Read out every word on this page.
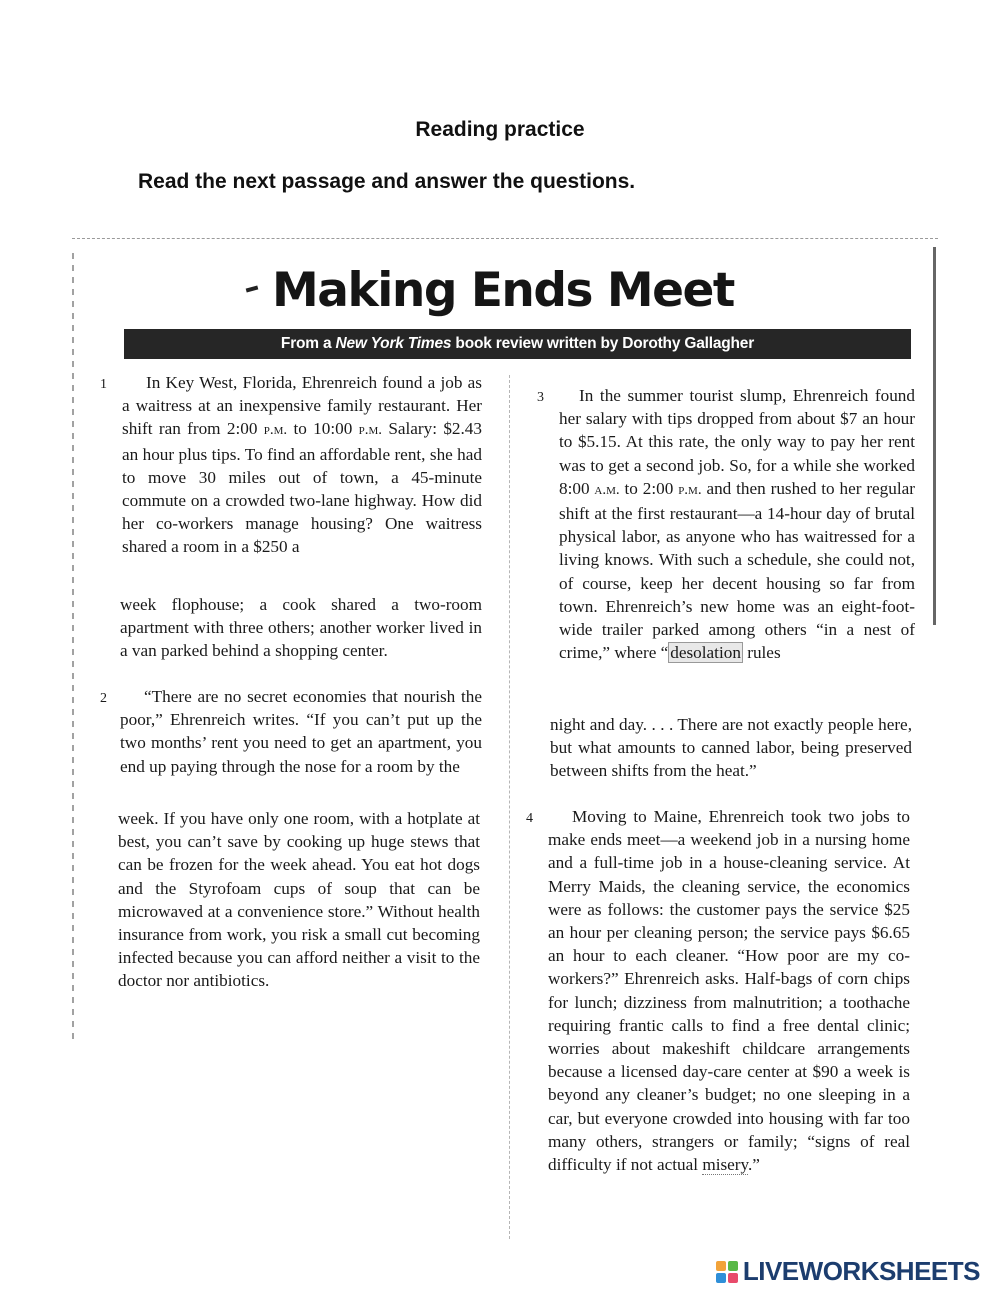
Reading practice
Read the next passage and answer the questions.
Making Ends Meet
From a New York Times book review written by Dorothy Gallagher
1 In Key West, Florida, Ehrenreich found a job as a waitress at an inexpensive family restaurant. Her shift ran from 2:00 p.m. to 10:00 p.m. Salary: $2.43 an hour plus tips. To find an affordable rent, she had to move 30 miles out of town, a 45-minute commute on a crowded two-lane highway. How did her co-workers manage housing? One waitress shared a room in a $250 a
week flophouse; a cook shared a two-room apartment with three others; another worker lived in a van parked behind a shopping center.
2 “There are no secret economies that nourish the poor,” Ehrenreich writes. “If you can’t put up the two months’ rent you need to get an apartment, you end up paying through the nose for a room by the
week. If you have only one room, with a hotplate at best, you can’t save by cooking up huge stews that can be frozen for the week ahead. You eat hot dogs and the Styrofoam cups of soup that can be microwaved at a convenience store.” Without health insurance from work, you risk a small cut becoming infected because you can afford neither a visit to the doctor nor antibiotics.
3 In the summer tourist slump, Ehrenreich found her salary with tips dropped from about $7 an hour to $5.15. At this rate, the only way to pay her rent was to get a second job. So, for a while she worked 8:00 a.m. to 2:00 p.m. and then rushed to her regular shift at the first restaurant—a 14-hour day of brutal physical labor, as anyone who has waitressed for a living knows. With such a schedule, she could not, of course, keep her decent housing so far from town. Ehrenreich’s new home was an eight-foot-wide trailer parked among others “in a nest of crime,” where “ desolation rules
night and day. . . . There are not exactly people here, but what amounts to canned labor, being preserved between shifts from the heat.”
4 Moving to Maine, Ehrenreich took two jobs to make ends meet—a weekend job in a nursing home and a full-time job in a house-cleaning service. At Merry Maids, the cleaning service, the economics were as follows: the customer pays the service $25 an hour per cleaning person; the service pays $6.65 an hour to each cleaner. “How poor are my co-workers?” Ehrenreich asks. Half-bags of corn chips for lunch; dizziness from malnutrition; a toothache requiring frantic calls to find a free dental clinic; worries about makeshift childcare arrangements because a licensed day-care center at $90 a week is beyond any cleaner’s budget; no one sleeping in a car, but everyone crowded into housing with far too many others, strangers or family; “signs of real difficulty if not actual misery.”
LIVEWORKSHEETS
